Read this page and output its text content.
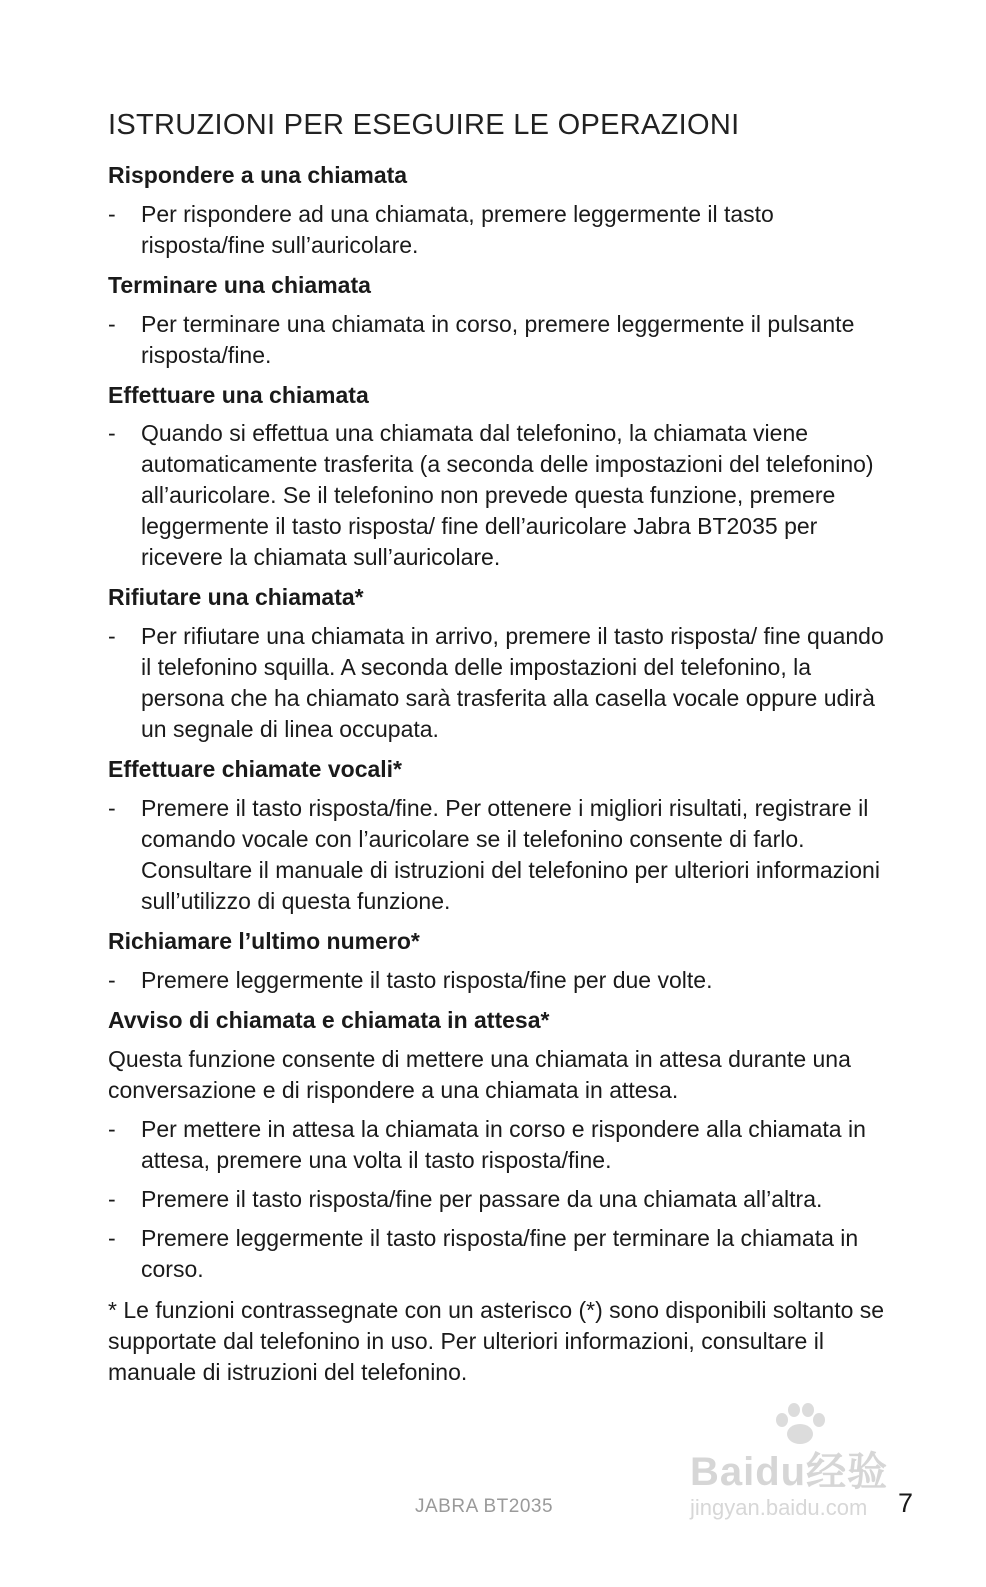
ISTRUZIONI PER ESEGUIRE LE OPERAZIONI
Rispondere a una chiamata
-	Per rispondere ad una chiamata, premere leggermente il tasto risposta/fine sull’auricolare.
Terminare una chiamata
-	Per terminare una chiamata in corso, premere leggermente il pulsante risposta/fine.
Effettuare una chiamata
-	Quando si effettua una chiamata dal telefonino, la chiamata viene automaticamente trasferita (a seconda delle impostazioni del telefonino) all’auricolare. Se il telefonino non prevede questa funzione, premere leggermente il tasto risposta/ fine dell’auricolare Jabra BT2035 per ricevere la chiamata sull’auricolare.
Rifiutare una chiamata*
-	Per rifiutare una chiamata in arrivo, premere il tasto risposta/ fine quando il telefonino squilla. A seconda delle impostazioni del telefonino, la persona che ha chiamato sarà trasferita alla casella vocale oppure udirà un segnale di linea occupata.
Effettuare chiamate vocali*
-	Premere il tasto risposta/fine. Per ottenere i migliori risultati, registrare il comando vocale con l’auricolare se il telefonino consente di farlo. Consultare il manuale di istruzioni del telefonino per ulteriori informazioni sull’utilizzo di questa funzione.
Richiamare l’ultimo numero*
-	Premere leggermente il tasto risposta/fine per due volte.
Avviso di chiamata e chiamata in attesa*

Questa funzione consente di mettere una chiamata in attesa durante una conversazione e di rispondere a una chiamata in attesa.

-	Per mettere in attesa la chiamata in corso e rispondere alla chiamata in attesa, premere una volta il tasto risposta/fine.
-	Premere il tasto risposta/fine per passare da una chiamata all’altra.
-	Premere leggermente il tasto risposta/fine per terminare la chiamata in corso.

* Le funzioni contrassegnate con un asterisco (*) sono disponibili soltanto se supportate dal telefonino in uso. Per ulteriori informazioni, consultare il manuale di istruzioni del telefonino.

Baidu经验
jingyan.baidu.com
JABRA BT2035	7
